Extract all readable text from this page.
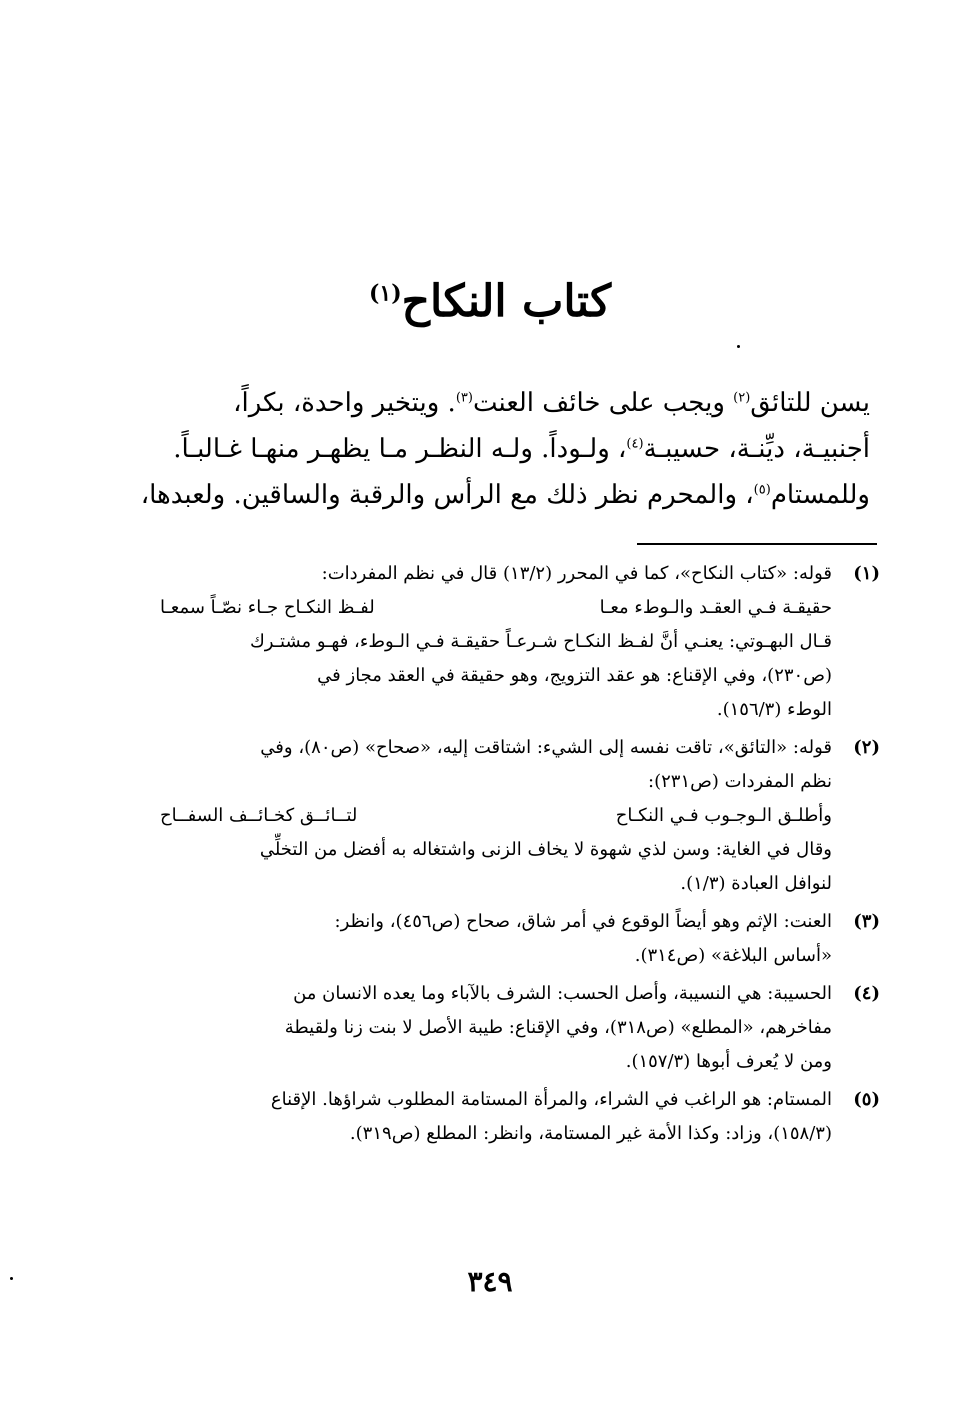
كتاب النكاح$^{(١)}$
يسن للتائق$^{(٢)}$ ويجب على خائف العنت$^{(٣)}$. ويتخير واحدة، بكراً،
أجنبيـة، ديِّنـة، حسيبـة$^{(٤)}$، ولـوداً. ولـه النظـر مـا يظهـر منهـا غـالبـاً.
وللمستام$^{(٥)}$، والمحرم نظر ذلك مع الرأس والرقبة والساقين. ولعبدها،
(١)
قوله: «كتاب النكاح»، كما في المحرر (١٣/٢) قال في نظم المفردات:
حقيقـة فـي العقـد والـوطء معـا
لفـظ النكـاح جـاء نصّـاً سمعـا
قـال البهـوتي: يعنـي أنَّ لفـظ النكـاح شـرعـاً حقيقـة فـي الـوطء، فهـو مشتـرك
(ص٢٣٠)، وفي الإقناع: هو عقد التزويج، وهو حقيقة في العقد مجاز في
الوطء (١٥٦/٣).
(٢)
قوله: «التائق»، تاقت نفسه إلى الشيء: اشتاقت إليه، «صحاح» (ص٨٠)، وفي
نظم المفردات (ص٢٣١):
وأطلـق الـوجـوب فـي النكـاح
لتــائــق كخـائــف السفــاح
وقال في الغاية: وسن لذي شهوة لا يخاف الزنى واشتغاله به أفضل من التخلِّي
لنوافل العبادة (١/٣).
(٣)
العنت: الإثم وهو أيضاً الوقوع في أمر شاق، صحاح (ص٤٥٦)، وانظر:
«أساس البلاغة» (ص٣١٤).
(٤)
الحسيبة: هي النسيبة، وأصل الحسب: الشرف بالآباء وما يعده الانسان من
مفاخرهم، «المطلع» (ص٣١٨)، وفي الإقناع: طيبة الأصل لا بنت زنا ولقيطة
ومن لا يُعرف أبوها (١٥٧/٣).
(٥)
المستام: هو الراغب في الشراء، والمرأة المستامة المطلوب شراؤها. الإقناع
(١٥٨/٣)، وزاد: وكذا الأمة غير المستامة، وانظر: المطلع (ص٣١٩).
٣٤٩
